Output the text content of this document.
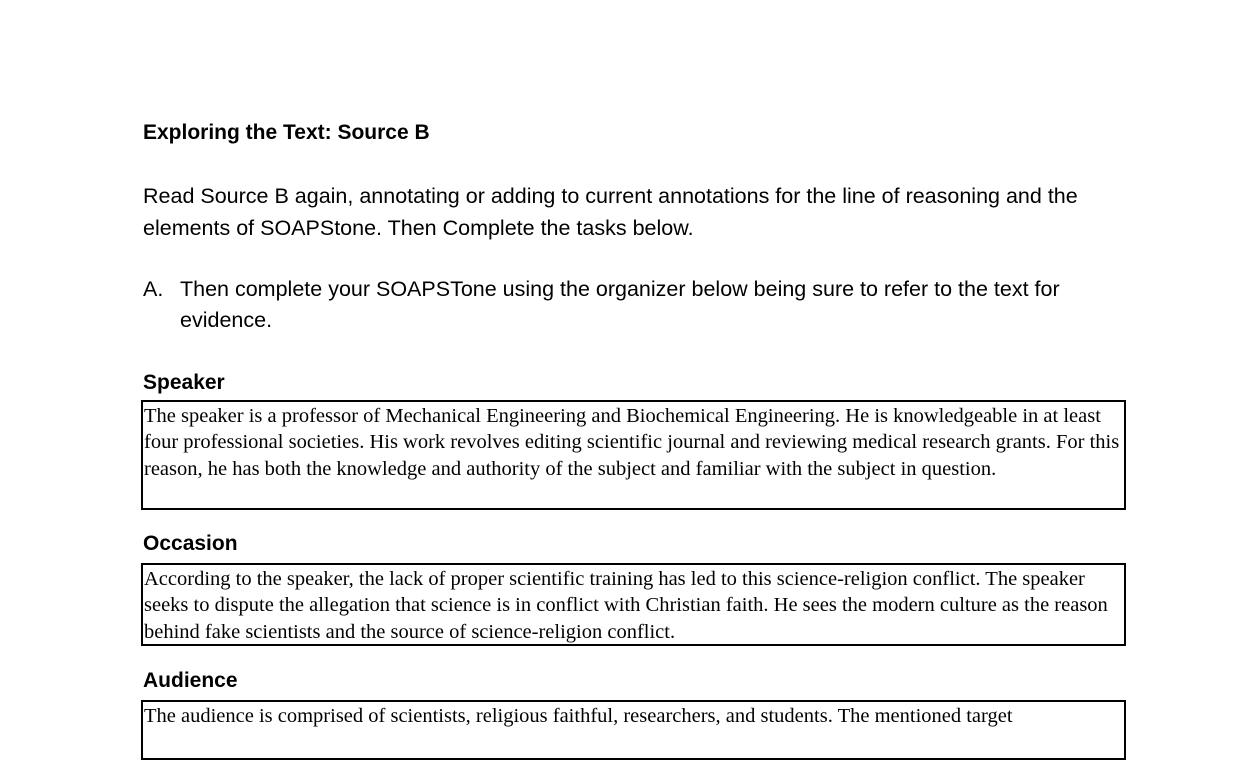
Exploring the Text: Source B

Read Source B again, annotating or adding to current annotations for the line of reasoning and the elements of SOAPStone. Then Complete the tasks below.

A. Then complete your SOAPSTone using the organizer below being sure to refer to the text for evidence.
Speaker

The speaker is a professor of Mechanical Engineering and Biochemical Engineering. He is knowledgeable in at least four professional societies. His work revolves editing scientific journal and reviewing medical research grants. For this reason, he has both the knowledge and authority of the subject and familiar with the subject in question.

Occasion

According to the speaker, the lack of proper scientific training has led to this science-religion conflict. The speaker seeks to dispute the allegation that science is in conflict with Christian faith. He sees the modern culture as the reason behind fake scientists and the source of science-religion conflict.

Audience

The audience is comprised of scientists, religious faithful, researchers, and students. The mentioned target
